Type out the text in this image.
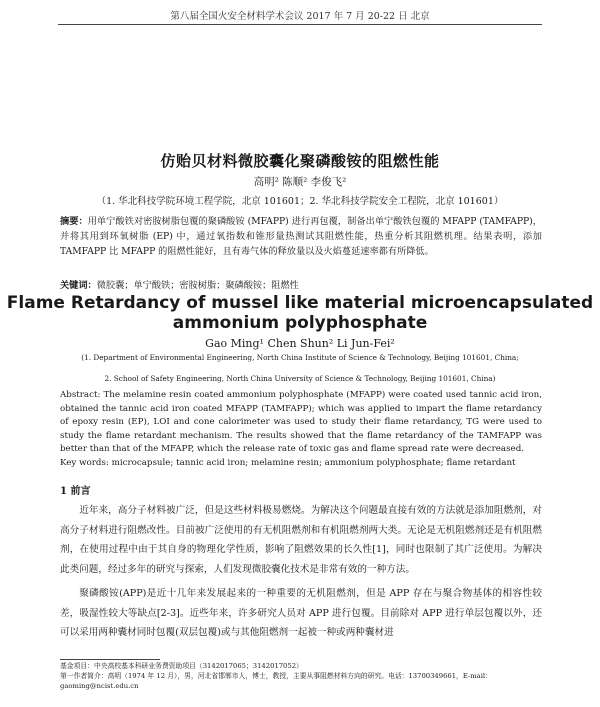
第八届全国火安全材料学术会议 2017 年 7 月 20-22 日 北京
仿贻贝材料微胶囊化聚磷酸铵的阻燃性能
高明² 陈顺² 李俊飞²
（1. 华北科技学院环境工程学院，北京 101601；2. 华北科技学院安全工程院，北京 101601）
摘要：用单宁酸铁对密胺树脂包覆的聚磷酸铵 (MFAPP) 进行再包覆，制备出单宁酸铁包覆的 MFAPP (TAMFAPP)，并将其用到环氧树脂 (EP) 中，通过氧指数和锥形量热测试其阻燃性能，热重分析其阻燃机理。结果表明，添加 TAMFAPP 比 MFAPP 的阻燃性能好，且有毒气体的释放量以及火焰蔓延速率都有所降低。
关键词：微胶囊；单宁酸铁；密胺树脂；聚磷酸铵；阻燃性
Flame Retardancy of mussel like material microencapsulated ammonium polyphosphate
Gao Ming¹ Chen Shun² Li Jun-Fei²
(1. Department of Environmental Engineering, North China Institute of Science & Technology, Beijing 101601, China;
2. School of Safety Engineering, North China University of Science & Technology, Beijing 101601, China)
Abstract: The melamine resin coated ammonium polyphosphate (MFAPP) were coated used tannic acid iron, obtained the tannic acid iron coated MFAPP (TAMFAPP); which was applied to impart the flame retardancy of epoxy resin (EP), LOI and cone calorimeter was used to study their flame retardancy, TG were used to study the flame retardant mechanism. The results showed that the flame retardancy of the TAMFAPP was better than that of the MFAPP, which the release rate of toxic gas and flame spread rate were decreased.
Key words: microcapsule; tannic acid iron; melamine resin; ammonium polyphosphate; flame retardant
1 前言
近年来，高分子材料被广泛，但是这些材料极易燃烧。为解决这个问题最直接有效的方法就是添加阻燃剂，对高分子材料进行阻燃改性。目前被广泛使用的有无机阻燃剂和有机阻燃剂两大类。无论是无机阻燃剂还是有机阻燃剂，在使用过程中由于其自身的物理化学性质，影响了阻燃效果的长久性[1]，同时也限制了其广泛使用。为解决此类问题，经过多年的研究与探索，人们发现微胶囊化技术是非常有效的一种方法。
聚磷酸铵(APP)是近十几年来发展起来的一种重要的无机阻燃剂，但是 APP 存在与聚合物基体的相容性较差，吸湿性较大等缺点[2-3]。近些年来，许多研究人员对 APP 进行包覆。目前除对 APP 进行单层包覆以外，还可以采用两种囊材同时包覆(双层包覆)或与其他阻燃剂一起被一种或两种囊材进
基金项目：中央高校基本科研业务费资助项目（3142017065；3142017052）
第一作者简介：高明（1974 年 12 月），男，河北省邯郸市人，博士，教授，主要从事阻燃材料方向的研究。电话：13700349661，E-mail：gaoming@ncist.edu.cn
